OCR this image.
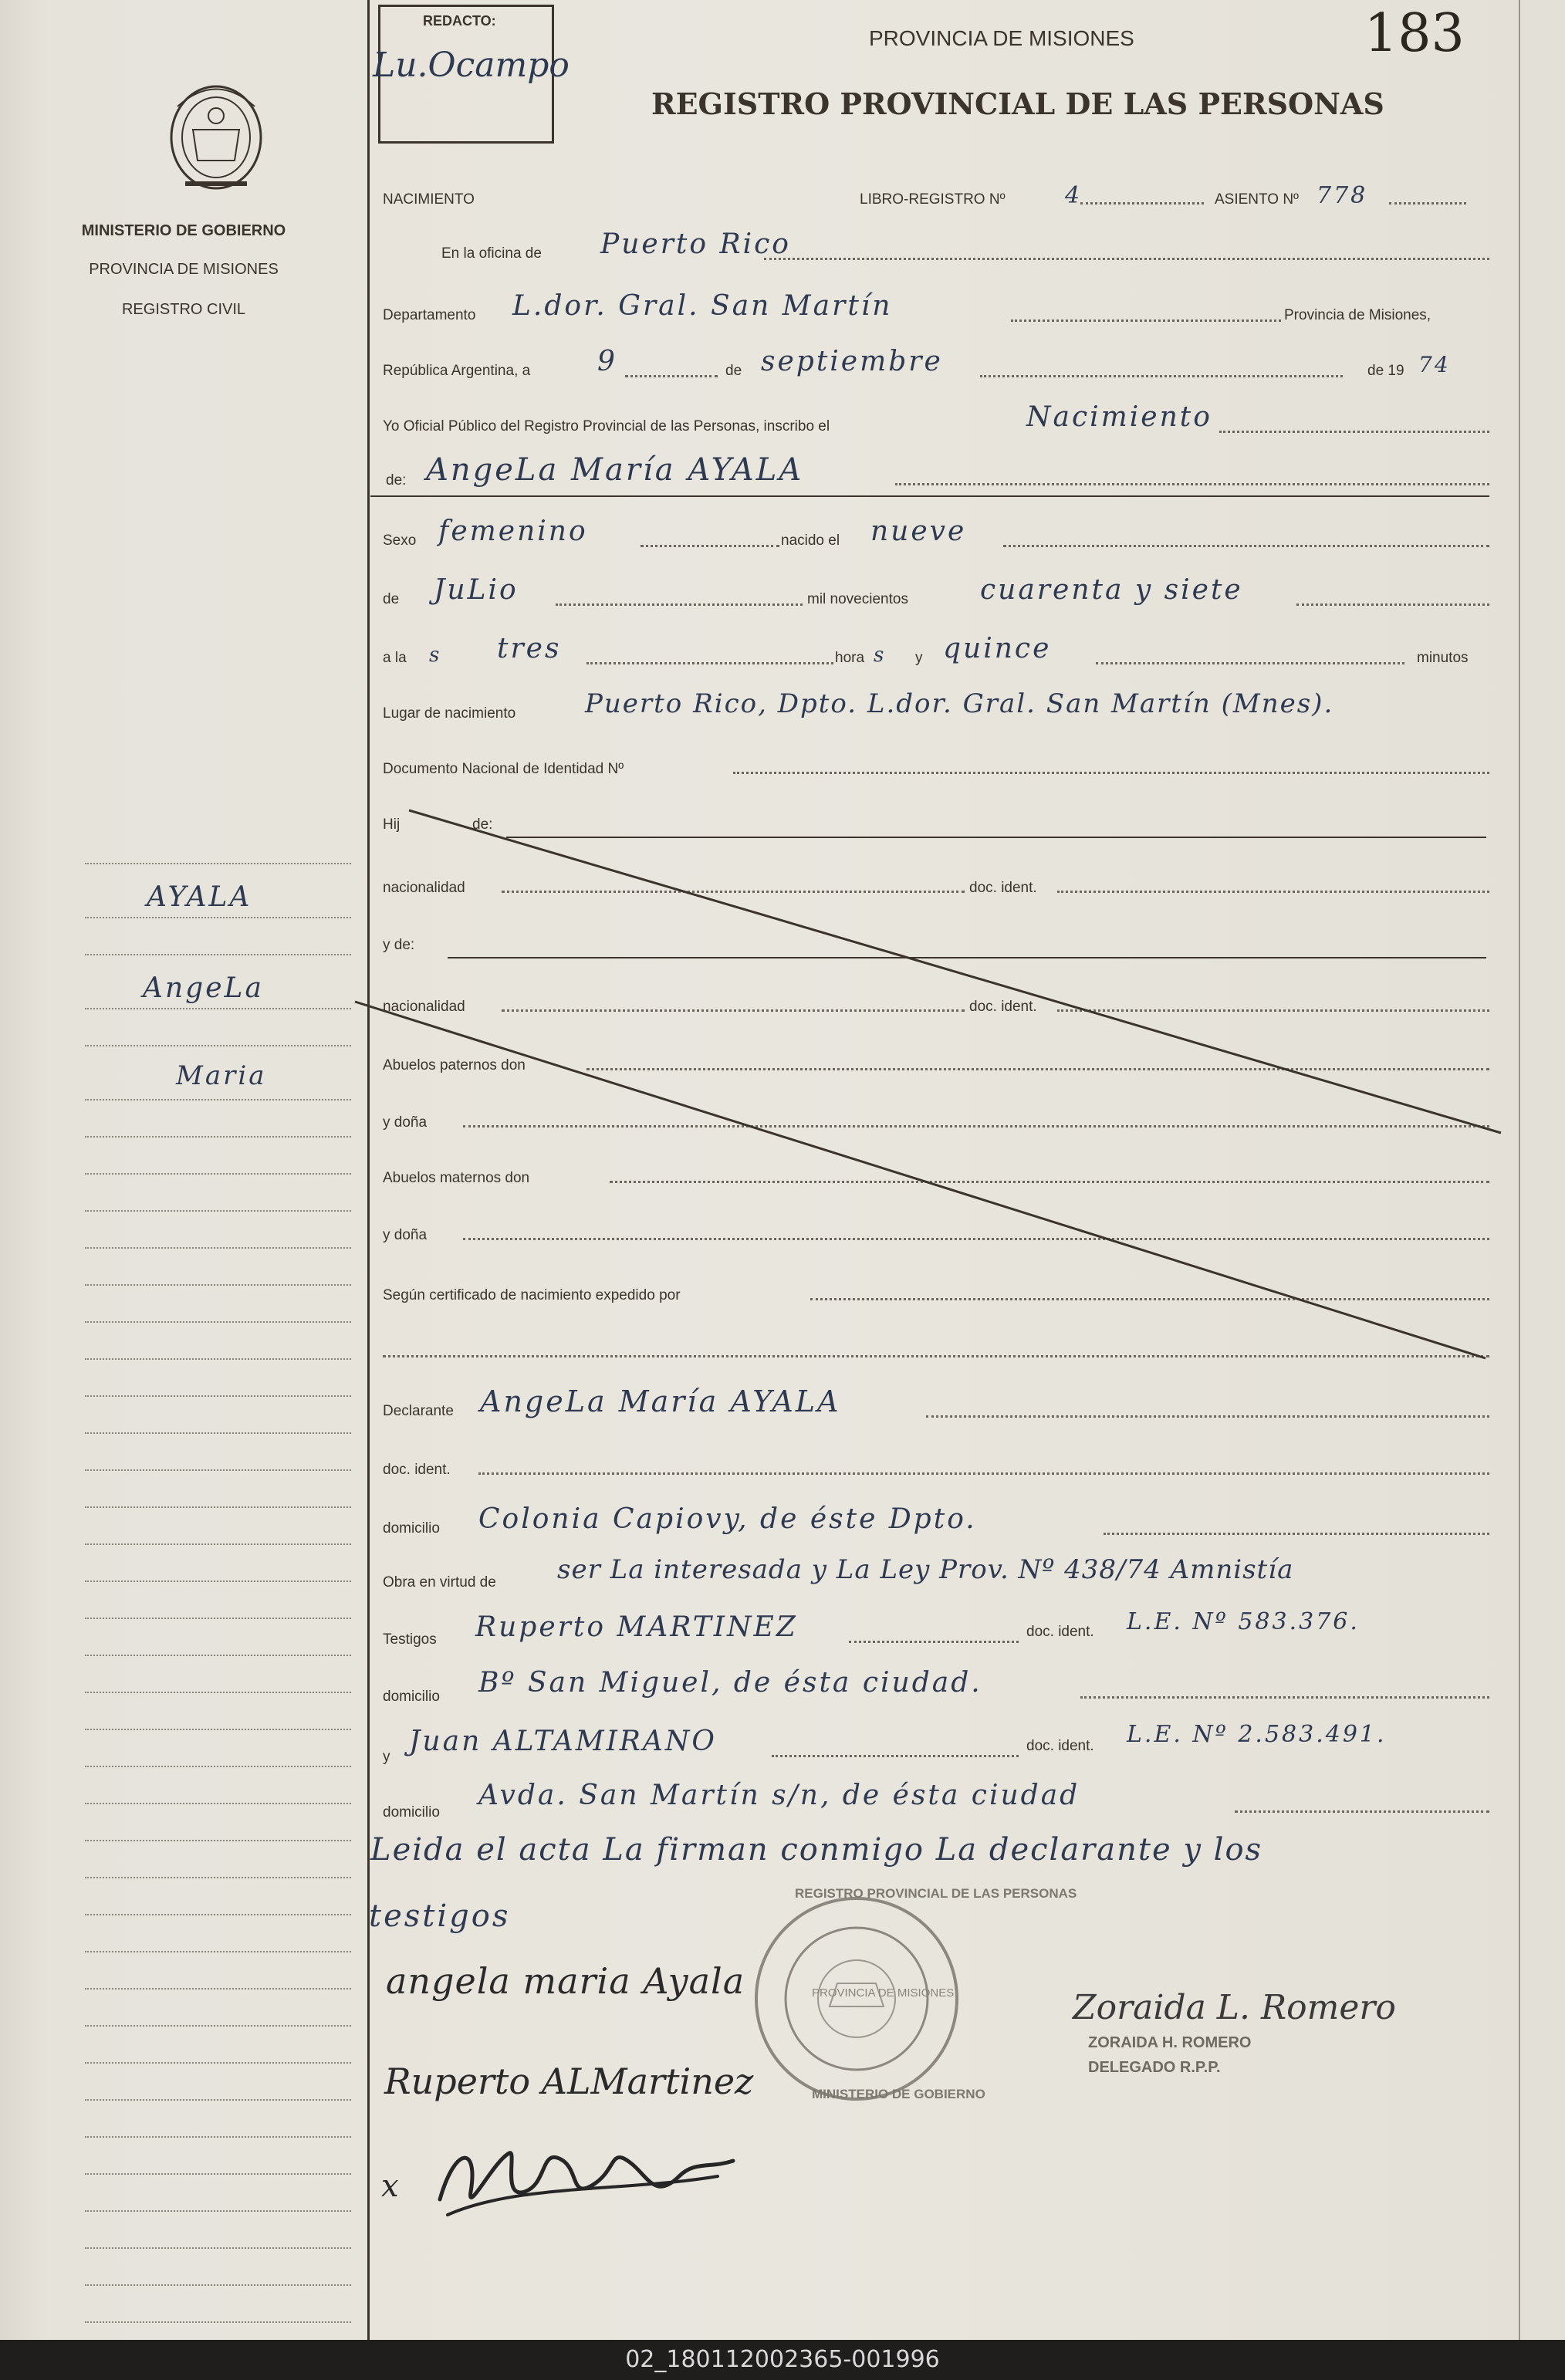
MINISTERIO DE GOBIERNO
PROVINCIA DE MISIONES
REGISTRO CIVIL
AYALA
AngeLa
Maria
REDACTO:
Lu.Ocampo
PROVINCIA DE MISIONES	183
REGISTRO PROVINCIAL DE LAS PERSONAS
NACIMIENTO	LIBRO-REGISTRO Nº	4	ASIENTO Nº 778
En la oficina de Puerto Rico
Departamento L.dor. Gral. San Martín	Provincia de Misiones,
República Argentina, a 9	de septiembre	de 19 74
Yo Oficial Público del Registro Provincial de las Personas, inscribo el	Nacimiento
de: AngeLa María AYALA
Sexo femenino	nacido el nueve
de JuLio	mil novecientos	cuarenta y siete
a la s tres	hora s y quince	minutos
Lugar de nacimiento	Puerto Rico, Dpto. L.dor. Gral. San Martín (Mnes).
Documento Nacional de Identidad Nº
Hij	de:
nacionalidad	doc. ident.
y de:
nacionalidad	doc. ident.
Abuelos paternos don
y doña
Abuelos maternos don
y doña
Según certificado de nacimiento expedido por
Declarante AngeLa María AYALA
doc. ident.
domicilio Colonia Capiovy, de éste Dpto.
Obra en virtud de ser La interesada y La Ley Prov. Nº 438/74 Amnistía
Testigos Ruperto MARTINEZ	doc. ident. L.E. Nº 583.376.
domicilio Bº San Miguel, de ésta ciudad.
y Juan ALTAMIRANO	doc. ident. L.E. Nº 2.583.491.
domicilio
Avda. San Martín s/n, de ésta ciudad
Leida el acta La firman conmigo La declarante y los
testigos
REGISTRO PROVINCIAL DE LAS PERSONAS
PROVINCIA DE MISIONES
MINISTERIO DE GOBIERNO
angela maria Ayala
Zoraida L. Romero
ZORAIDA H. ROMERO
DELEGADO R.P.P.
Ruperto ALMartinez
x
02_180112002365-001996
